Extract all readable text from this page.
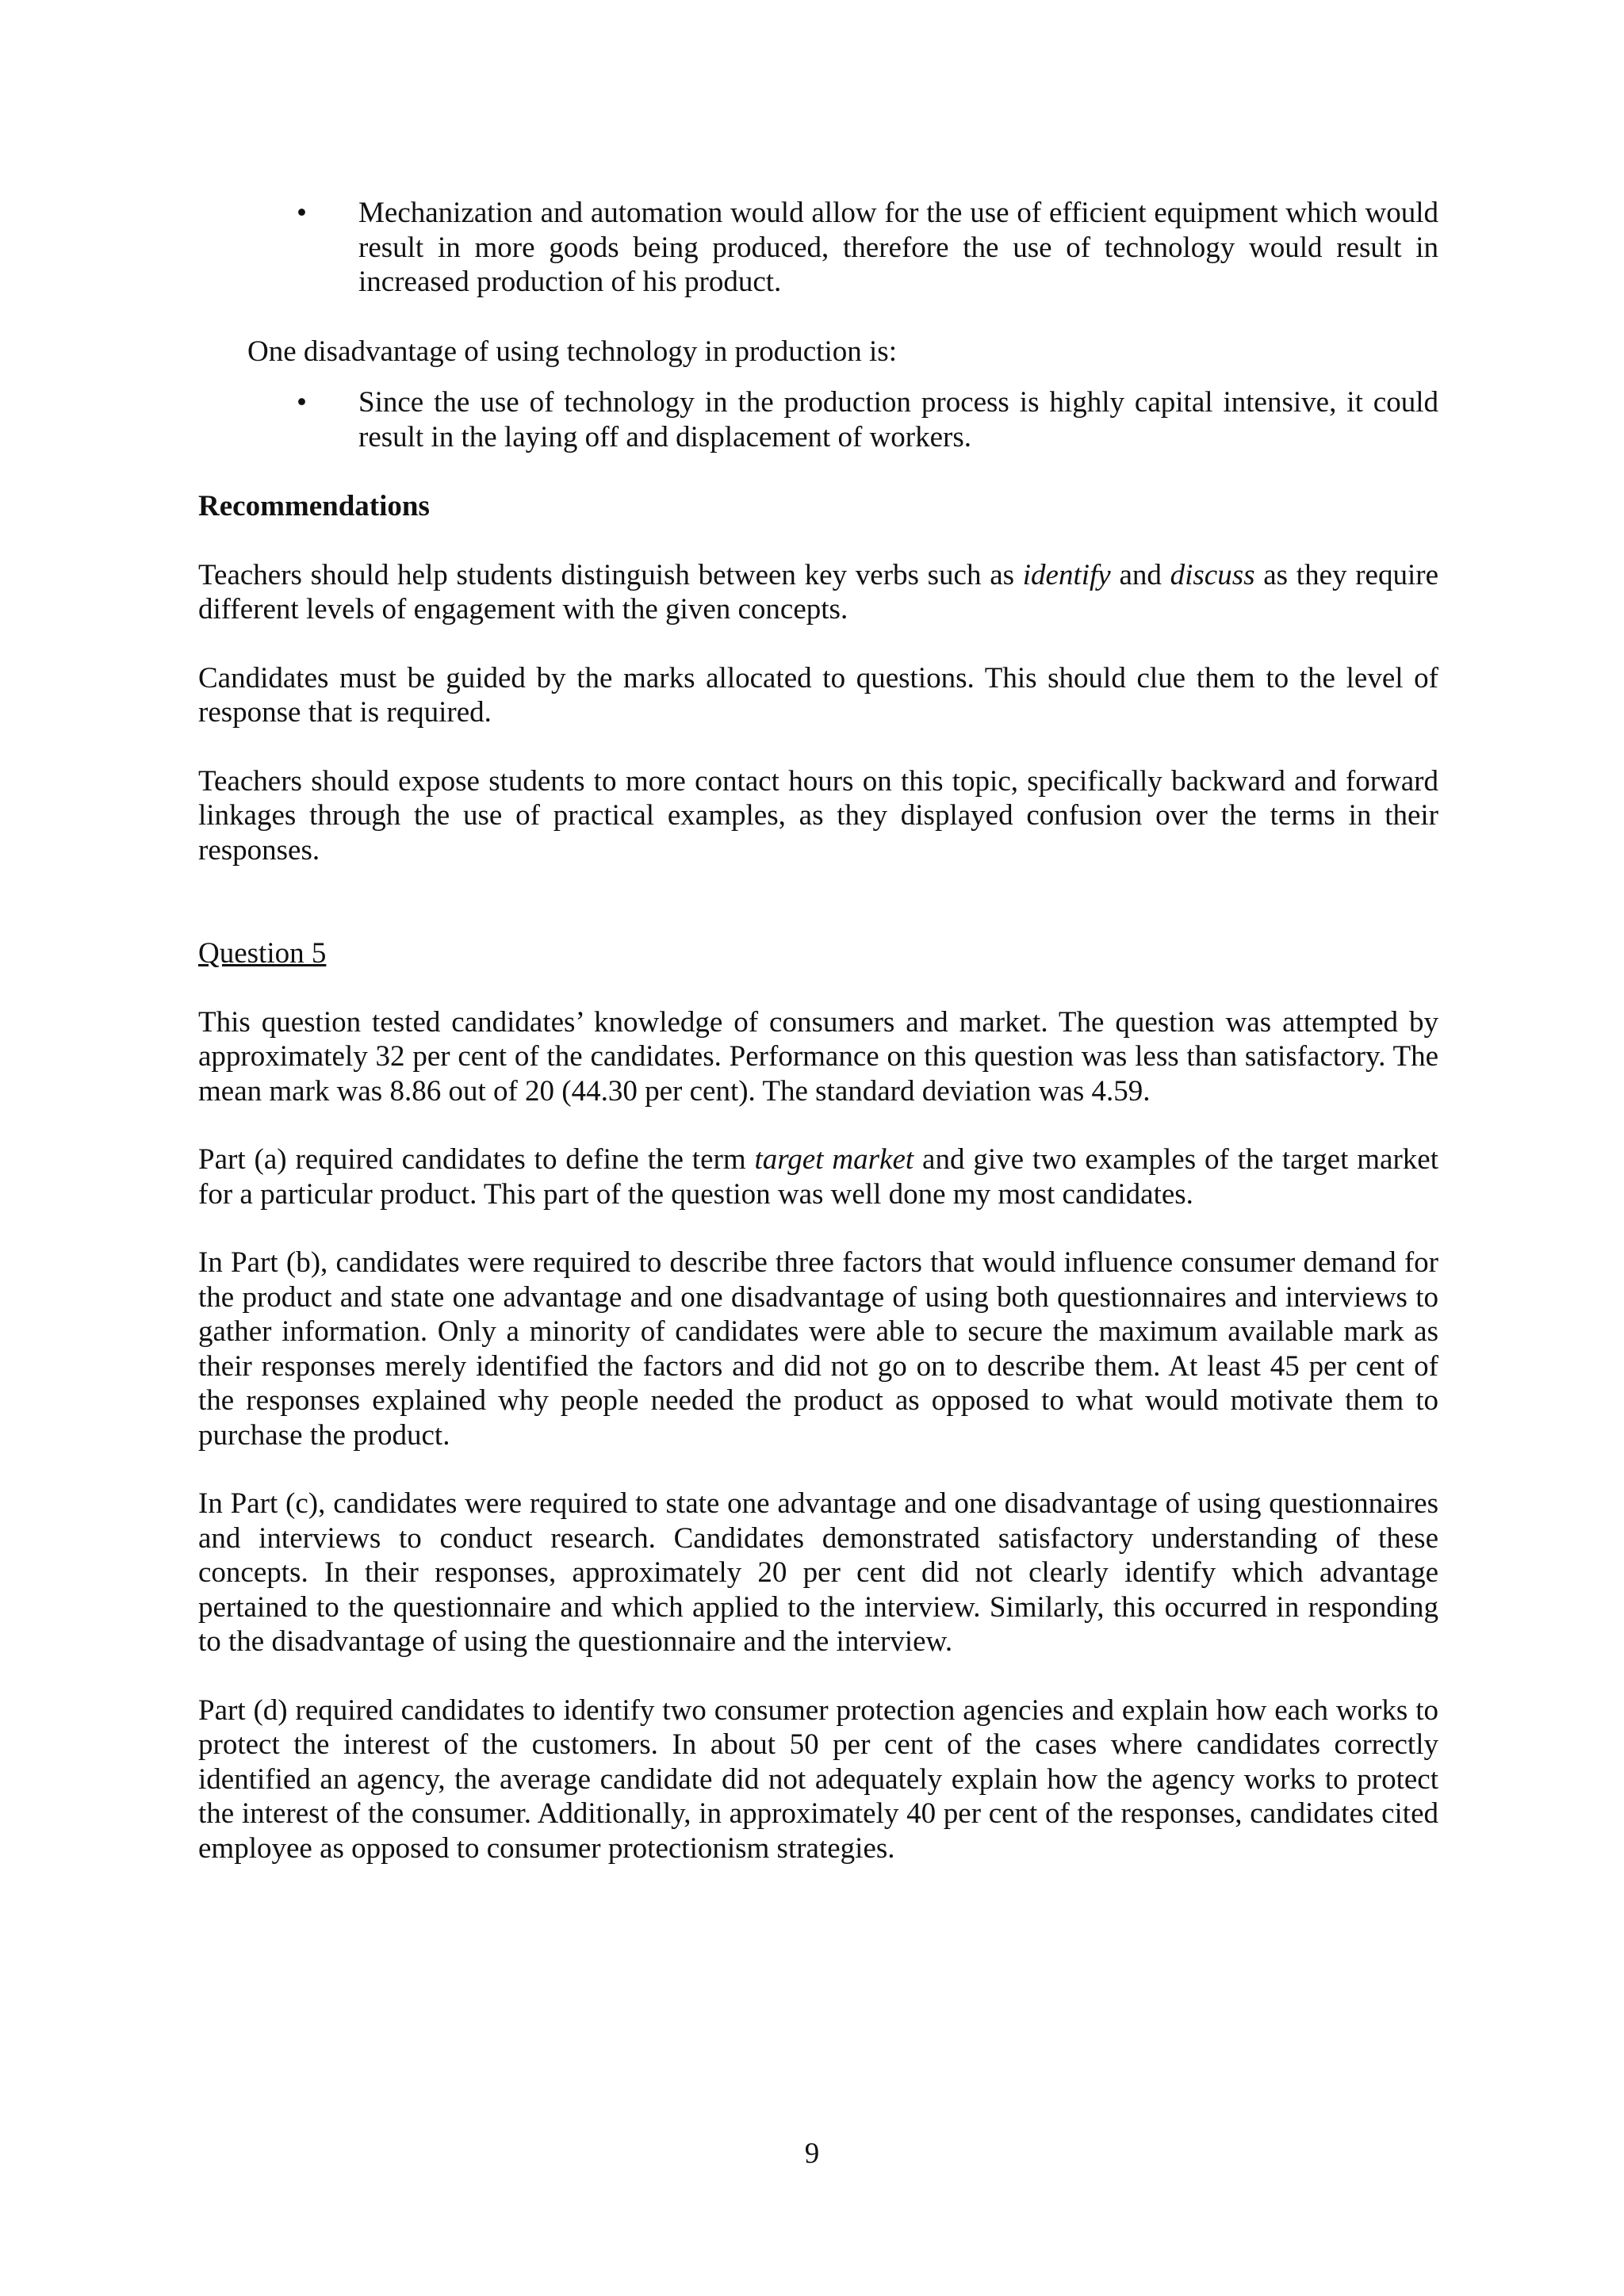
• Mechanization and automation would allow for the use of efficient equipment which would result in more goods being produced, therefore the use of technology would result in increased production of his product.

One disadvantage of using technology in production is:

• Since the use of technology in the production process is highly capital intensive, it could result in the laying off and displacement of workers.

Recommendations

Teachers should help students distinguish between key verbs such as identify and discuss as they require different levels of engagement with the given concepts.

Candidates must be guided by the marks allocated to questions. This should clue them to the level of response that is required.

Teachers should expose students to more contact hours on this topic, specifically backward and forward linkages through the use of practical examples, as they displayed confusion over the terms in their responses.

Question 5

This question tested candidates’ knowledge of consumers and market. The question was attempted by approximately 32 per cent of the candidates. Performance on this question was less than satisfactory. The mean mark was 8.86 out of 20 (44.30 per cent). The standard deviation was 4.59.

Part (a) required candidates to define the term target market and give two examples of the target market for a particular product. This part of the question was well done my most candidates.

In Part (b), candidates were required to describe three factors that would influence consumer demand for the product and state one advantage and one disadvantage of using both questionnaires and interviews to gather information. Only a minority of candidates were able to secure the maximum available mark as their responses merely identified the factors and did not go on to describe them. At least 45 per cent of the responses explained why people needed the product as opposed to what would motivate them to purchase the product.

In Part (c), candidates were required to state one advantage and one disadvantage of using questionnaires and interviews to conduct research. Candidates demonstrated satisfactory understanding of these concepts. In their responses, approximately 20 per cent did not clearly identify which advantage pertained to the questionnaire and which applied to the interview. Similarly, this occurred in responding to the disadvantage of using the questionnaire and the interview.

Part (d) required candidates to identify two consumer protection agencies and explain how each works to protect the interest of the customers. In about 50 per cent of the cases where candidates correctly identified an agency, the average candidate did not adequately explain how the agency works to protect the interest of the consumer. Additionally, in approximately 40 per cent of the responses, candidates cited employee as opposed to consumer protectionism strategies.

9
